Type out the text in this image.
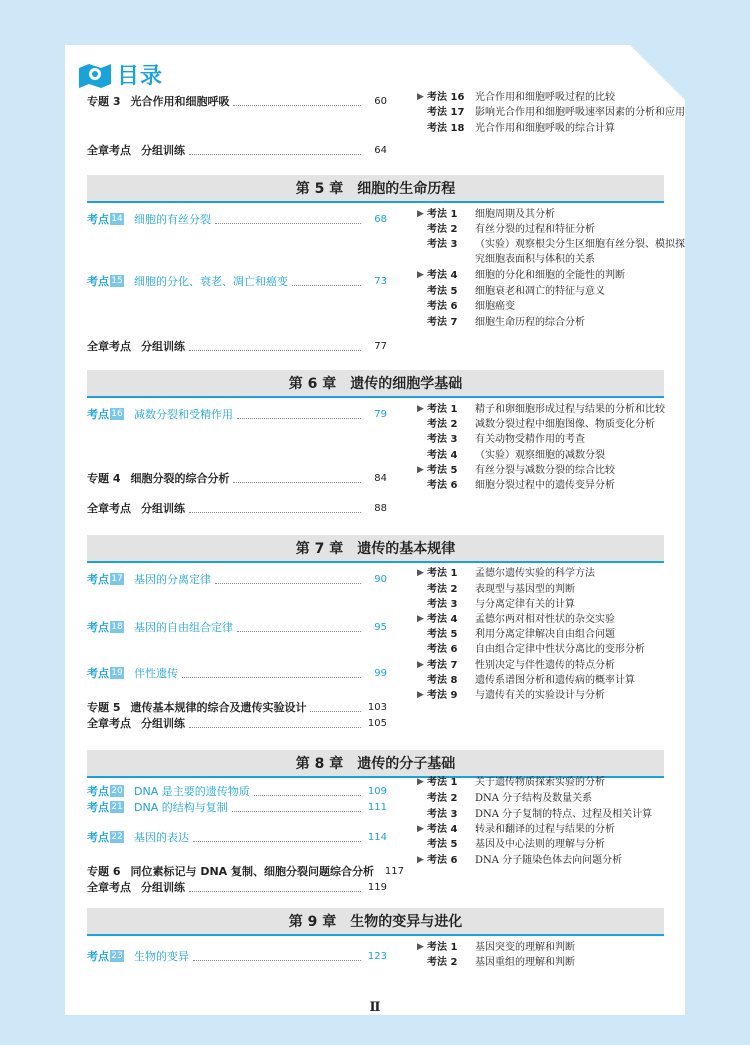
目录
第 5 章 细胞的生命历程
第 6 章 遗传的细胞学基础
第 7 章 遗传的基本规律
第 8 章 遗传的分子基础
第 9 章 生物的变异与进化
专题 3 光合作用和细胞呼吸	60
全章考点 分组训练	64
考点 14 细胞的有丝分裂	68
考点 15 细胞的分化、衰老、凋亡和癌变	73
全章考点 分组训练	77
考点 16 减数分裂和受精作用	79
专题 4 细胞分裂的综合分析	84
全章考点 分组训练	88
考点 17 基因的分离定律	90
考点 18 基因的自由组合定律	95
考点 19 伴性遗传	99
专题 5 遗传基本规律的综合及遗传实验设计	103
全章考点 分组训练	105
考点 20 DNA 是主要的遗传物质	109
考点 21 DNA 的结构与复制	111
考点 22 基因的表达	114
专题 6 同位素标记与 DNA 复制、细胞分裂问题综合分析 117
全章考点 分组训练	119
考点 23 生物的变异	123
▶ 考法 16	光合作用和细胞呼吸过程的比较
考法 17	影响光合作用和细胞呼吸速率因素的分析和应用
考法 18	光合作用和细胞呼吸的综合计算
▶ 考法 1	细胞周期及其分析
考法 2	有丝分裂的过程和特征分析
考法 3	（实验）观察根尖分生区细胞有丝分裂、模拟探究细胞表面积与体积的关系
▶ 考法 4	细胞的分化和细胞的全能性的判断
考法 5	细胞衰老和凋亡的特征与意义
考法 6	细胞癌变
考法 7	细胞生命历程的综合分析
▶ 考法 1	精子和卵细胞形成过程与结果的分析和比较
考法 2	减数分裂过程中细胞图像、物质变化分析
考法 3	有关动物受精作用的考查
考法 4	（实验）观察细胞的减数分裂
▶ 考法 5	有丝分裂与减数分裂的综合比较
考法 6	细胞分裂过程中的遗传变异分析
▶ 考法 1	孟德尔遗传实验的科学方法
考法 2	表现型与基因型的判断
考法 3	与分离定律有关的计算
▶ 考法 4	孟德尔两对相对性状的杂交实验
考法 5	利用分离定律解决自由组合问题
考法 6	自由组合定律中性状分离比的变形分析
▶ 考法 7	性别决定与伴性遗传的特点分析
考法 8	遗传系谱图分析和遗传病的概率计算
▶ 考法 9	与遗传有关的实验设计与分析
▶ 考法 1	关于遗传物质探索实验的分析
考法 2	DNA 分子结构及数量关系
考法 3	DNA 分子复制的特点、过程及相关计算
▶ 考法 4	转录和翻译的过程与结果的分析
考法 5	基因及中心法则的理解与分析
▶ 考法 6	DNA 分子随染色体去向问题分析
▶ 考法 1	基因突变的理解和判断
考法 2	基因重组的理解和判断
Ⅱ
